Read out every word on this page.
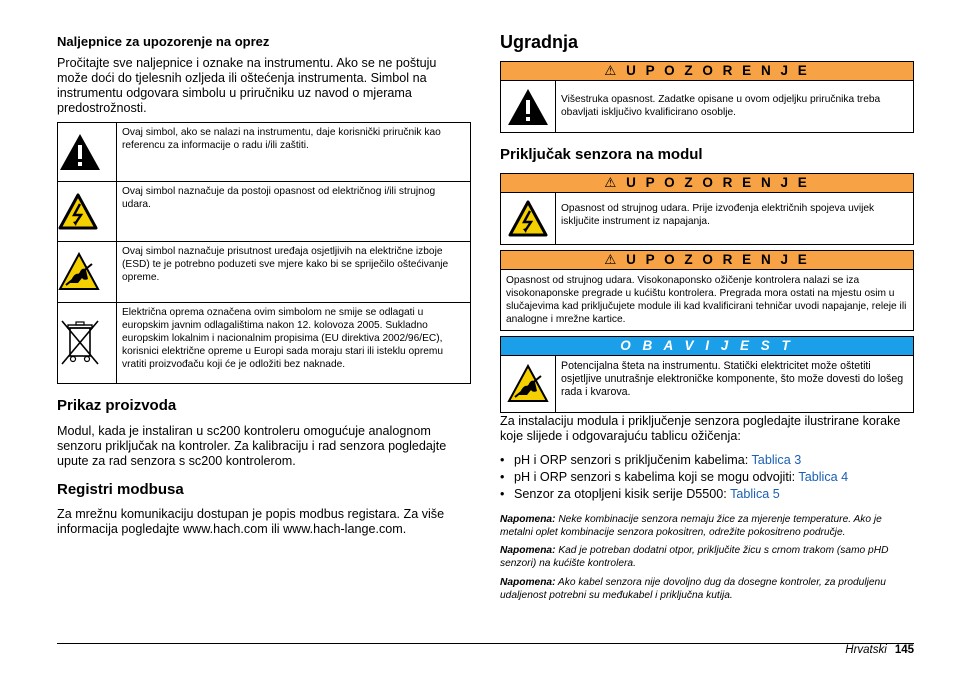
Naljepnice za upozorenje na oprez

Pročitajte sve naljepnice i oznake na instrumentu. Ako se ne poštuju može doći do tjelesnih ozljeda ili oštećenja instrumenta. Simbol na instrumentu odgovara simbolu u priručniku uz navod o mjerama predostrožnosti.

	Ovaj simbol, ako se nalazi na instrumentu, daje korisnički priručnik kao referencu za informacije o radu i/ili zaštiti.

	Ovaj simbol naznačuje da postoji opasnost od električnog i/ili strujnog udara.

	Ovaj simbol naznačuje prisutnost uređaja osjetljivih na električne izboje (ESD) te je potrebno poduzeti sve mjere kako bi se spriječilo oštećivanje opreme.

	Električna oprema označena ovim simbolom ne smije se odlagati u europskim javnim odlagalištima nakon 12. kolovoza 2005. Sukladno europskim lokalnim i nacionalnim propisima (EU direktiva 2002/96/EC), korisnici električne opreme u Europi sada moraju stari ili isteklu opremu vratiti proizvođaču koji će je odložiti bez naknade.
Prikaz proizvoda

Modul, kada je instaliran u sc200 kontroleru omogućuje analognom senzoru priključak na kontroler. Za kalibraciju i rad senzora pogledajte upute za rad senzora s sc200 kontrolerom.

Registri modbusa

Za mrežnu komunikaciju dostupan je popis modbus registara. Za više informacija pogledajte www.hach.com ili www.hach-lange.com.

Ugradnja
⚠ U P O Z O R E N J E
Višestruka opasnost. Zadatke opisane u ovom odjeljku priručnika treba obavljati isključivo kvalificirano osoblje.
Priključak senzora na modul
⚠ U P O Z O R E N J E
Opasnost od strujnog udara. Prije izvođenja električnih spojeva uvijek isključite instrument iz napajanja.
⚠ U P O Z O R E N J E
Opasnost od strujnog udara. Visokonaponsko ožičenje kontrolera nalazi se iza visokonaponske pregrade u kućištu kontrolera. Pregrada mora ostati na mjestu osim u slučajevima kad priključujete module ili kad kvalificirani tehničar uvodi napajanje, releje ili analogne i mrežne kartice.
O B A V I J E S T
Potencijalna šteta na instrumentu. Statički elektricitet može oštetiti osjetljive unutrašnje elektroničke komponente, što može dovesti do lošeg rada i kvarova.

Za instalaciju modula i priključenje senzora pogledajte ilustrirane korake koje slijede i odgovarajuću tablicu ožičenja:

• pH i ORP senzori s priključenim kabelima: Tablica 3
• pH i ORP senzori s kabelima koji se mogu odvojiti: Tablica 4
• Senzor za otopljeni kisik serije D5500: Tablica 5

Napomena: Neke kombinacije senzora nemaju žice za mjerenje temperature. Ako je metalni oplet kombinacije senzora pokositren, odrežite pokositreno područje.

Napomena: Kad je potreban dodatni otpor, priključite žicu s crnom trakom (samo pHD senzori) na kućište kontrolera.

Napomena: Ako kabel senzora nije dovoljno dug da dosegne kontroler, za produljenu udaljenost potrebni su međukabel i priključna kutija.

Hrvatski 145
